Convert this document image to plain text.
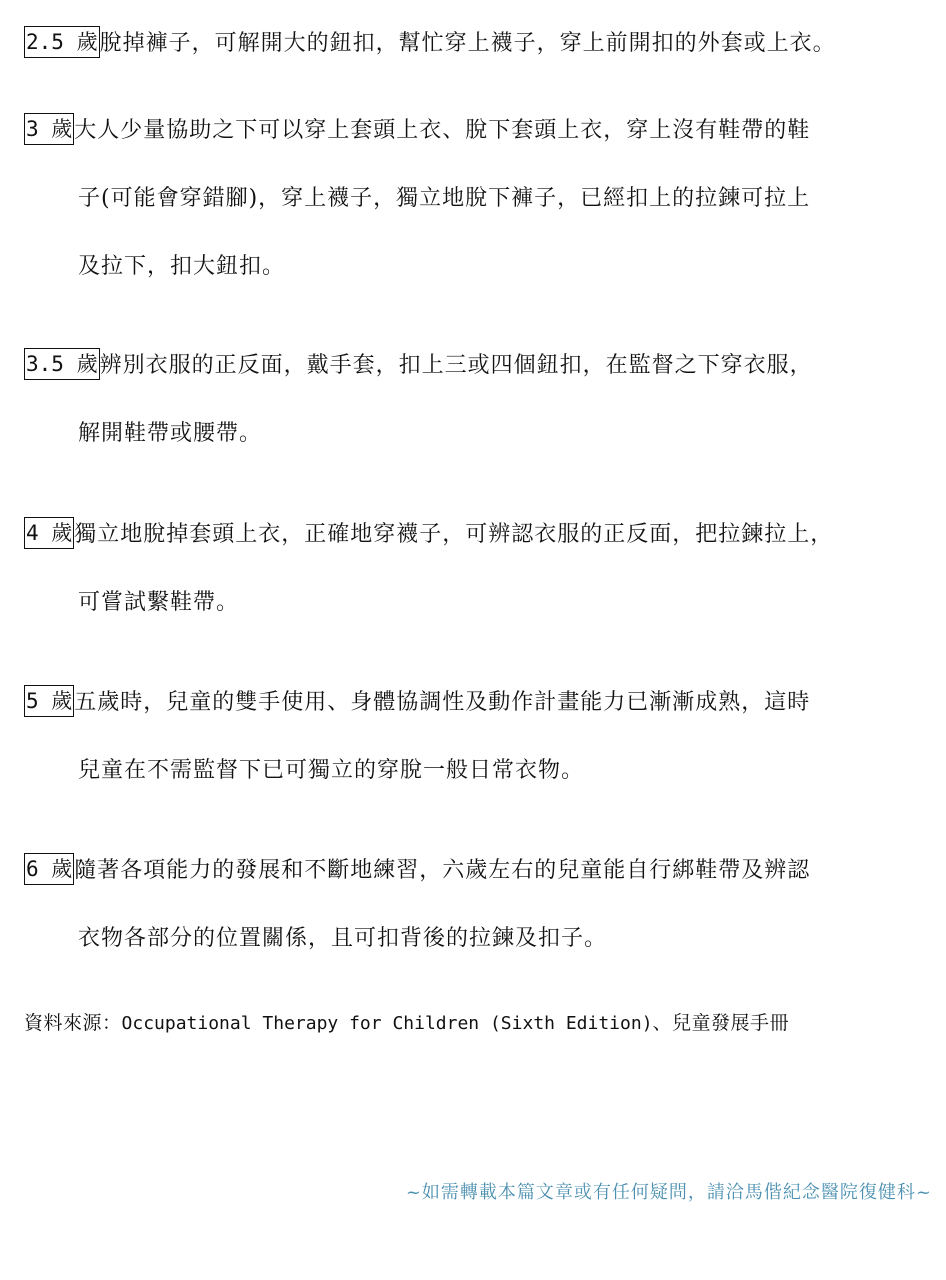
2.5 歲脫掉褲子，可解開大的鈕扣，幫忙穿上襪子，穿上前開扣的外套或上衣。
3 歲大人少量協助之下可以穿上套頭上衣、脫下套頭上衣，穿上沒有鞋帶的鞋
子(可能會穿錯腳)，穿上襪子，獨立地脫下褲子，已經扣上的拉鍊可拉上
及拉下，扣大鈕扣。
3.5 歲辨別衣服的正反面，戴手套，扣上三或四個鈕扣，在監督之下穿衣服，
解開鞋帶或腰帶。
4 歲獨立地脫掉套頭上衣，正確地穿襪子，可辨認衣服的正反面，把拉鍊拉上，
可嘗試繫鞋帶。
5 歲五歲時，兒童的雙手使用、身體協調性及動作計畫能力已漸漸成熟，這時
兒童在不需監督下已可獨立的穿脫一般日常衣物。
6 歲隨著各項能力的發展和不斷地練習，六歲左右的兒童能自行綁鞋帶及辨認
衣物各部分的位置關係，且可扣背後的拉鍊及扣子。
資料來源：Occupational Therapy for Children (Sixth Edition)、兒童發展手冊
~如需轉載本篇文章或有任何疑問，請洽馬偕紀念醫院復健科~
